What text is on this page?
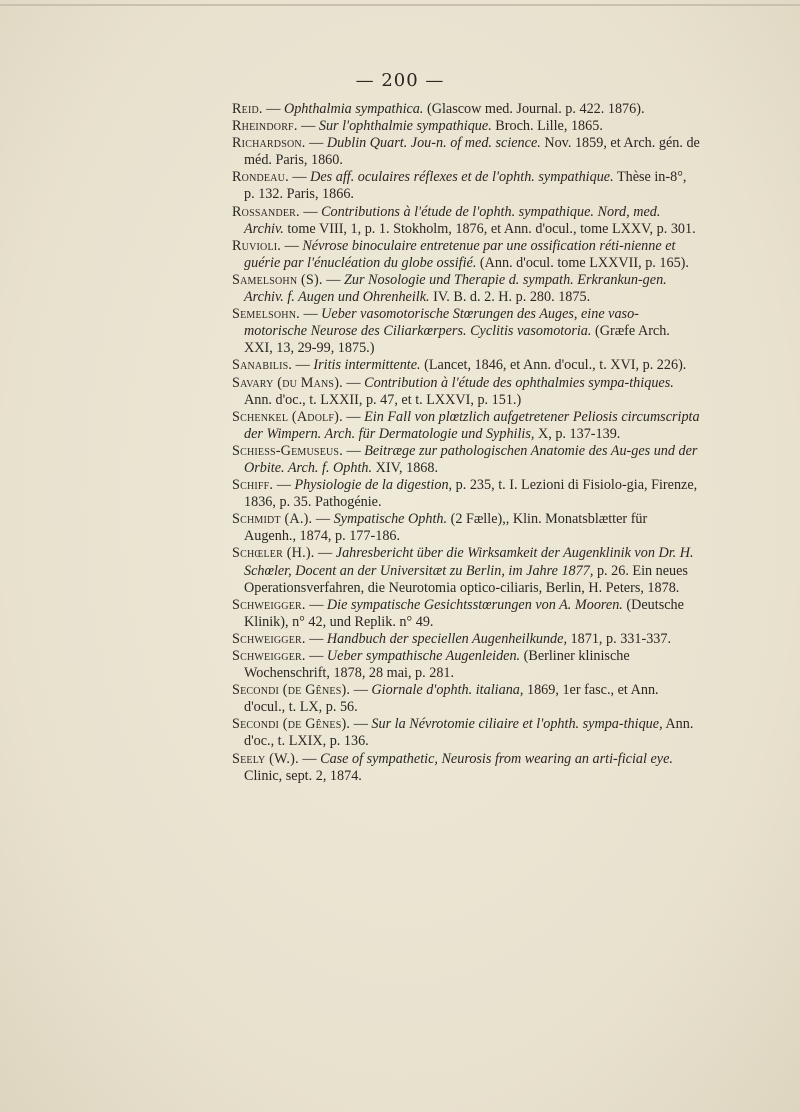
— 200 —

Reid. — Ophthalmia sympathica. (Glascow med. Journal. p. 422. 1876).

Rheindorf. — Sur l'ophthalmie sympathique. Broch. Lille, 1865.

Richardson. — Dublin Quart. Jou-n. of med. science. Nov. 1859, et Arch. gén. de méd. Paris, 1860.

Rondeau. — Des aff. oculaires réflexes et de l'ophth. sympathique. Thèse in-8°, p. 132. Paris, 1866.

Rossander. — Contributions à l'étude de l'ophth. sympathique. Nord, med. Archiv. tome VIII, 1, p. 1. Stokholm, 1876, et Ann. d'ocul., tome LXXV, p. 301.

Ruvioli. — Névrose binoculaire entretenue par une ossification réti-nienne et guérie par l'énucléation du globe ossifié. (Ann. d'ocul. tome LXXVII, p. 165).

Samelsohn (S). — Zur Nosologie und Therapie d. sympath. Erkrankun-gen. Archiv. f. Augen und Ohrenheilk. IV. B. d. 2. H. p. 280. 1875.

Semelsohn. — Ueber vasomotorische Stœrungen des Auges, eine vaso-motorische Neurose des Ciliarkœrpers. Cyclitis vasomotoria. (Græfe Arch. XXI, 13, 29-99, 1875.)

Sanabilis. — Iritis intermittente. (Lancet, 1846, et Ann. d'ocul., t. XVI, p. 226).

Savary (du Mans). — Contribution à l'étude des ophthalmies sympa-thiques. Ann. d'oc., t. LXXII, p. 47, et t. LXXVI, p. 151.)

Schenkel (Adolf). — Ein Fall von plœtzlich aufgetretener Peliosis circumscripta der Wimpern. Arch. für Dermatologie und Syphilis, X, p. 137-139.

Schiess-Gemuseus. — Beitræge zur pathologischen Anatomie des Au-ges und der Orbite. Arch. f. Ophth. XIV, 1868.

Schiff. — Physiologie de la digestion, p. 235, t. I. Lezioni di Fisiolo-gia, Firenze, 1836, p. 35. Pathogénie.

Schmidt (A.). — Sympatische Ophth. (2 Fælle),, Klin. Monatsblætter für Augenh., 1874, p. 177-186.

Schœler (H.). — Jahresbericht über die Wirksamkeit der Augenklinik von Dr. H. Schœler, Docent an der Universitæt zu Berlin, im Jahre 1877, p. 26. Ein neues Operationsverfahren, die Neurotomia optico-ciliaris, Berlin, H. Peters, 1878.

Schweigger. — Die sympatische Gesichtsstœrungen von A. Mooren. (Deutsche Klinik), n° 42, und Replik. n° 49.

Schweigger. — Handbuch der speciellen Augenheilkunde, 1871, p. 331-337.

Schweigger. — Ueber sympathische Augenleiden. (Berliner klinische Wochenschrift, 1878, 28 mai, p. 281.

Secondi (de Gênes). — Giornale d'ophth. italiana, 1869, 1er fasc., et Ann. d'ocul., t. LX, p. 56.

Secondi (de Gênes). — Sur la Névrotomie ciliaire et l'ophth. sympa-thique, Ann. d'oc., t. LXIX, p. 136.

Seely (W.). — Case of sympathetic, Neurosis from wearing an arti-ficial eye. Clinic, sept. 2, 1874.
